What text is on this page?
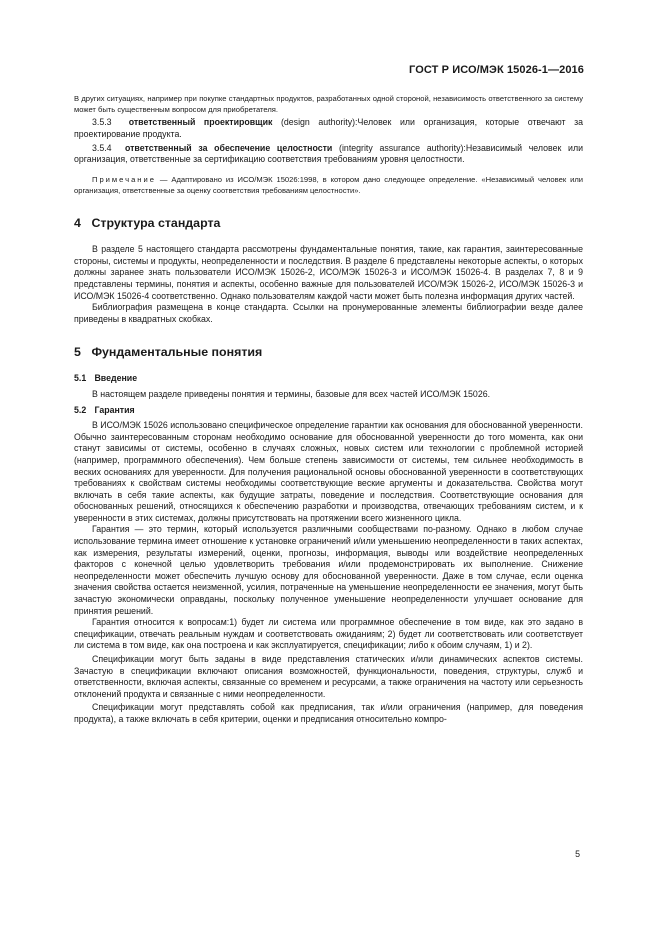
ГОСТ Р ИСО/МЭК 15026-1—2016

В других ситуациях, например при покупке стандартных продуктов, разработанных одной стороной, независимость ответственного за систему может быть существенным вопросом для приобретателя.

3.5.3 ответственный проектировщик (design authority):Человек или организация, которые отвечают за проектирование продукта.

3.5.4 ответственный за обеспечение целостности (integrity assurance authority):Независимый человек или организация, ответственные за сертификацию соответствия требованиям уровня целостности.

Примечание — Адаптировано из ИСО/МЭК 15026:1998, в котором дано следующее определение. «Независимый человек или организация, ответственные за оценку соответствия требованиям целостности».

4 Структура стандарта

В разделе 5 настоящего стандарта рассмотрены фундаментальные понятия, такие, как гарантия, заинтересованные стороны, системы и продукты, неопределенности и последствия. В разделе 6 представлены некоторые аспекты, о которых должны заранее знать пользователи ИСО/МЭК 15026-2, ИСО/МЭК 15026-3 и ИСО/МЭК 15026-4. В разделах 7, 8 и 9 представлены термины, понятия и аспекты, особенно важные для пользователей ИСО/МЭК 15026-2, ИСО/МЭК 15026-3 и ИСО/МЭК 15026-4 соответственно. Однако пользователям каждой части может быть полезна информация других частей.

Библиография размещена в конце стандарта. Ссылки на пронумерованные элементы библиографии везде далее приведены в квадратных скобках.

5 Фундаментальные понятия
5.1 Введение

В настоящем разделе приведены понятия и термины, базовые для всех частей ИСО/МЭК 15026.

5.2 Гарантия

В ИСО/МЭК 15026 использовано специфическое определение гарантии как основания для обоснованной уверенности. Обычно заинтересованным сторонам необходимо основание для обоснованной уверенности до того момента, как они станут зависимы от системы, особенно в случаях сложных, новых систем или технологии с проблемной историей (например, программного обеспечения). Чем больше степень зависимости от системы, тем сильнее необходимость в веских основаниях для уверенности. Для получения рациональной основы обоснованной уверенности в соответствующих требованиях к свойствам системы необходимы соответствующие веские аргументы и доказательства. Свойства могут включать в себя такие аспекты, как будущие затраты, поведение и последствия. Соответствующие основания для обоснованных решений, относящихся к обеспечению разработки и производства, отвечающих требованиям систем, и к уверенности в этих системах, должны присутствовать на протяжении всего жизненного цикла.

Гарантия — это термин, который используется различными сообществами по-разному. Однако в любом случае использование термина имеет отношение к установке ограничений и/или уменьшению неопределенности в таких аспектах, как измерения, результаты измерений, оценки, прогнозы, информация, выводы или воздействие неопределенных факторов с конечной целью удовлетворить требования и/или продемонстрировать их выполнение. Снижение неопределенности может обеспечить лучшую основу для обоснованной уверенности. Даже в том случае, если оценка значения свойства остается неизменной, усилия, потраченные на уменьшение неопределенности ее значения, могут быть зачастую экономически оправданы, поскольку полученное уменьшение неопределенности улучшает основание для принятия решений.

Гарантия относится к вопросам:1) будет ли система или программное обеспечение в том виде, как это задано в спецификации, отвечать реальным нуждам и соответствовать ожиданиям; 2) будет ли соответствовать или соответствует ли система в том виде, как она построена и как эксплуатируется, спецификации; либо к обоим случаям, 1) и 2).

Спецификации могут быть заданы в виде представления статических и/или динамических аспектов системы. Зачастую в спецификации включают описания возможностей, функциональности, поведения, структуры, служб и ответственности, включая аспекты, связанные со временем и ресурсами, а также ограничения на частоту или серьезность отклонений продукта и связанные с ними неопределенности.

Спецификации могут представлять собой как предписания, так и/или ограничения (например, для поведения продукта), а также включать в себя критерии, оценки и предписания относительно компро-

5
